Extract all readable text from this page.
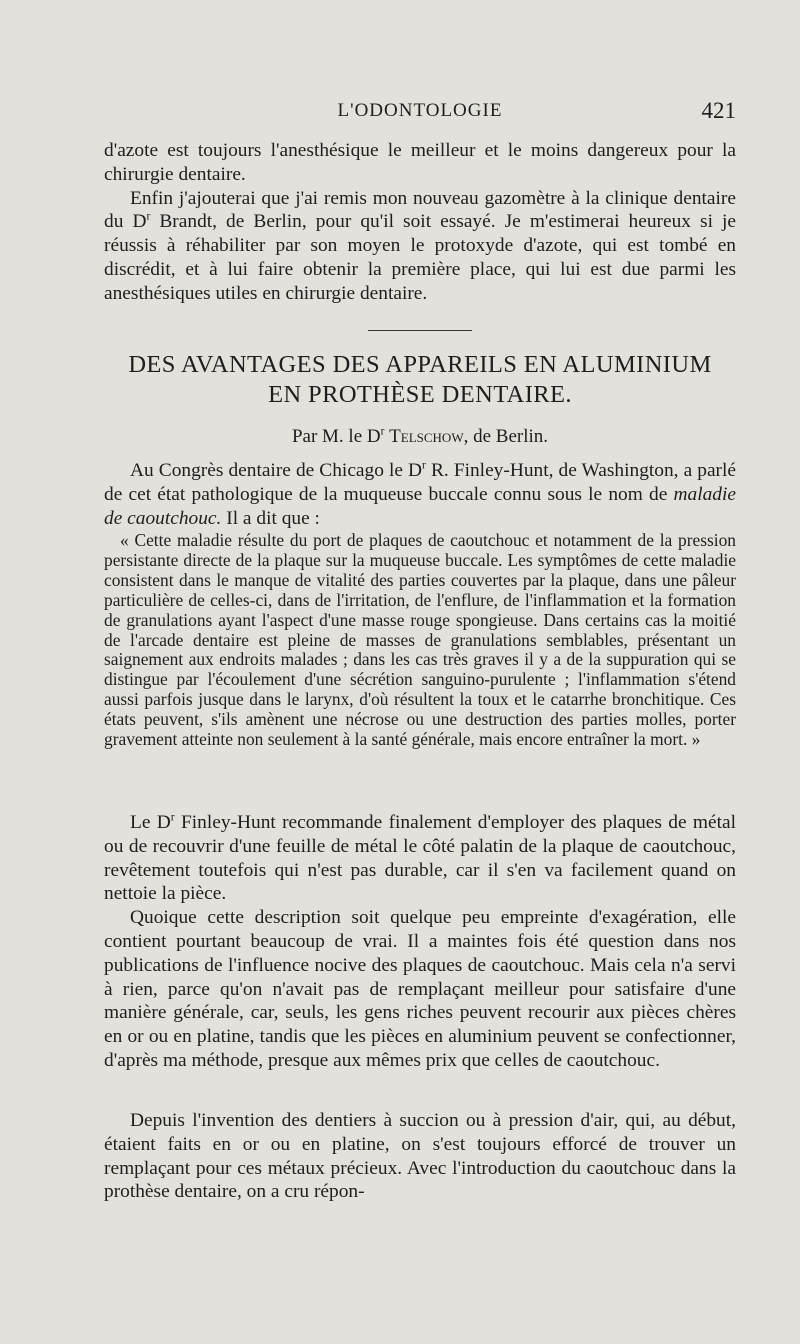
L'ODONTOLOGIE	421

d'azote est toujours l'anesthésique le meilleur et le moins dangereux pour la chirurgie dentaire.

Enfin j'ajouterai que j'ai remis mon nouveau gazomètre à la clinique dentaire du $D^r$ Brandt, de Berlin, pour qu'il soit essayé. Je m'estimerai heureux si je réussis à réhabiliter par son moyen le protoxyde d'azote, qui est tombé en discrédit, et à lui faire obtenir la première place, qui lui est due parmi les anesthésiques utiles en chirurgie dentaire.

DES AVANTAGES DES APPAREILS EN ALUMINIUM
EN PROTHÈSE DENTAIRE.
Par M. le $D^r$ Telschow, de Berlin.

Au Congrès dentaire de Chicago le $D^r$ R. Finley-Hunt, de Washington, a parlé de cet état pathologique de la muqueuse buccale connu sous le nom de maladie de caoutchouc. Il a dit que :

« Cette maladie résulte du port de plaques de caoutchouc et notamment de la pression persistante directe de la plaque sur la muqueuse buccale. Les symptômes de cette maladie consistent dans le manque de vitalité des parties couvertes par la plaque, dans une pâleur particulière de celles-ci, dans de l'irritation, de l'enflure, de l'inflammation et la formation de granulations ayant l'aspect d'une masse rouge spongieuse. Dans certains cas la moitié de l'arcade dentaire est pleine de masses de granulations semblables, présentant un saignement aux endroits malades ; dans les cas très graves il y a de la suppuration qui se distingue par l'écoulement d'une sécrétion sanguino-purulente ; l'inflammation s'étend aussi parfois jusque dans le larynx, d'où résultent la toux et le catarrhe bronchitique. Ces états peuvent, s'ils amènent une nécrose ou une destruction des parties molles, porter gravement atteinte non seulement à la santé générale, mais encore entraîner la mort. »

Le $D^r$ Finley-Hunt recommande finalement d'employer des plaques de métal ou de recouvrir d'une feuille de métal le côté palatin de la plaque de caoutchouc, revêtement toutefois qui n'est pas durable, car il s'en va facilement quand on nettoie la pièce.

Quoique cette description soit quelque peu empreinte d'exagération, elle contient pourtant beaucoup de vrai. Il a maintes fois été question dans nos publications de l'influence nocive des plaques de caoutchouc. Mais cela n'a servi à rien, parce qu'on n'avait pas de remplaçant meilleur pour satisfaire d'une manière générale, car, seuls, les gens riches peuvent recourir aux pièces chères en or ou en platine, tandis que les pièces en aluminium peuvent se confectionner, d'après ma méthode, presque aux mêmes prix que celles de caoutchouc.

Depuis l'invention des dentiers à succion ou à pression d'air, qui, au début, étaient faits en or ou en platine, on s'est toujours efforcé de trouver un remplaçant pour ces métaux précieux. Avec l'introduction du caoutchouc dans la prothèse dentaire, on a cru répon-
